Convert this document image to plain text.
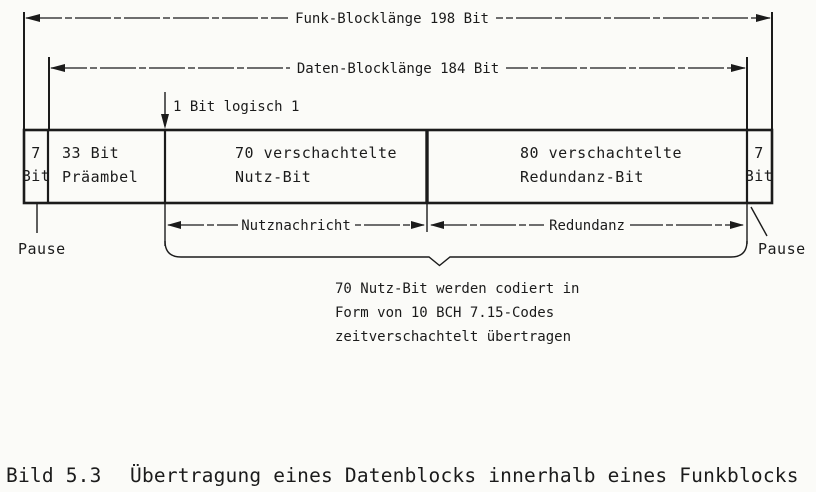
Funk-Blocklänge 198 Bit
Daten-Blocklänge 184 Bit
1 Bit logisch 1
7
Bit
33 Bit
Präambel
70 verschachtelte
Nutz-Bit
80 verschachtelte
Redundanz-Bit
7
Bit
Pause	Pause
Nutznachricht	Redundanz
70 Nutz-Bit werden codiert in
Form von 10 BCH 7.15-Codes
zeitverschachtelt übertragen
Bild 5.3 Übertragung eines Datenblocks innerhalb eines Funkblocks
